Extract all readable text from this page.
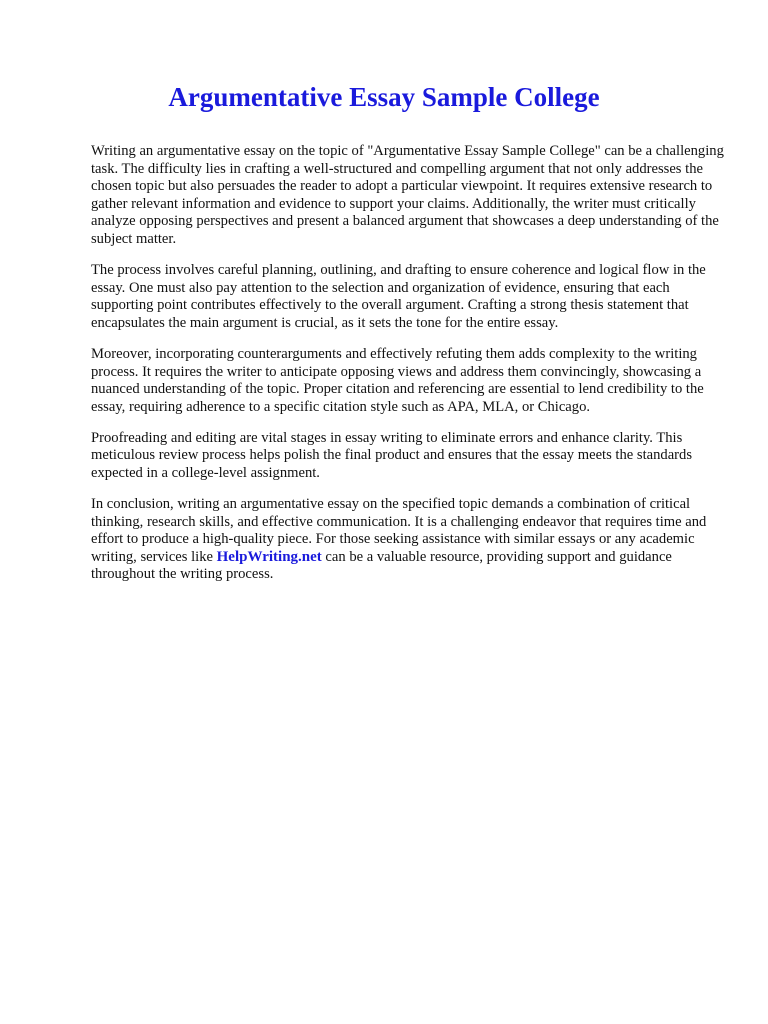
Argumentative Essay Sample College

Writing an argumentative essay on the topic of "Argumentative Essay Sample College" can be a challenging task. The difficulty lies in crafting a well-structured and compelling argument that not only addresses the chosen topic but also persuades the reader to adopt a particular viewpoint. It requires extensive research to gather relevant information and evidence to support your claims. Additionally, the writer must critically analyze opposing perspectives and present a balanced argument that showcases a deep understanding of the subject matter.

The process involves careful planning, outlining, and drafting to ensure coherence and logical flow in the essay. One must also pay attention to the selection and organization of evidence, ensuring that each supporting point contributes effectively to the overall argument. Crafting a strong thesis statement that encapsulates the main argument is crucial, as it sets the tone for the entire essay.

Moreover, incorporating counterarguments and effectively refuting them adds complexity to the writing process. It requires the writer to anticipate opposing views and address them convincingly, showcasing a nuanced understanding of the topic. Proper citation and referencing are essential to lend credibility to the essay, requiring adherence to a specific citation style such as APA, MLA, or Chicago.

Proofreading and editing are vital stages in essay writing to eliminate errors and enhance clarity. This meticulous review process helps polish the final product and ensures that the essay meets the standards expected in a college-level assignment.

In conclusion, writing an argumentative essay on the specified topic demands a combination of critical thinking, research skills, and effective communication. It is a challenging endeavor that requires time and effort to produce a high-quality piece. For those seeking assistance with similar essays or any academic writing, services like HelpWriting.net can be a valuable resource, providing support and guidance throughout the writing process.
